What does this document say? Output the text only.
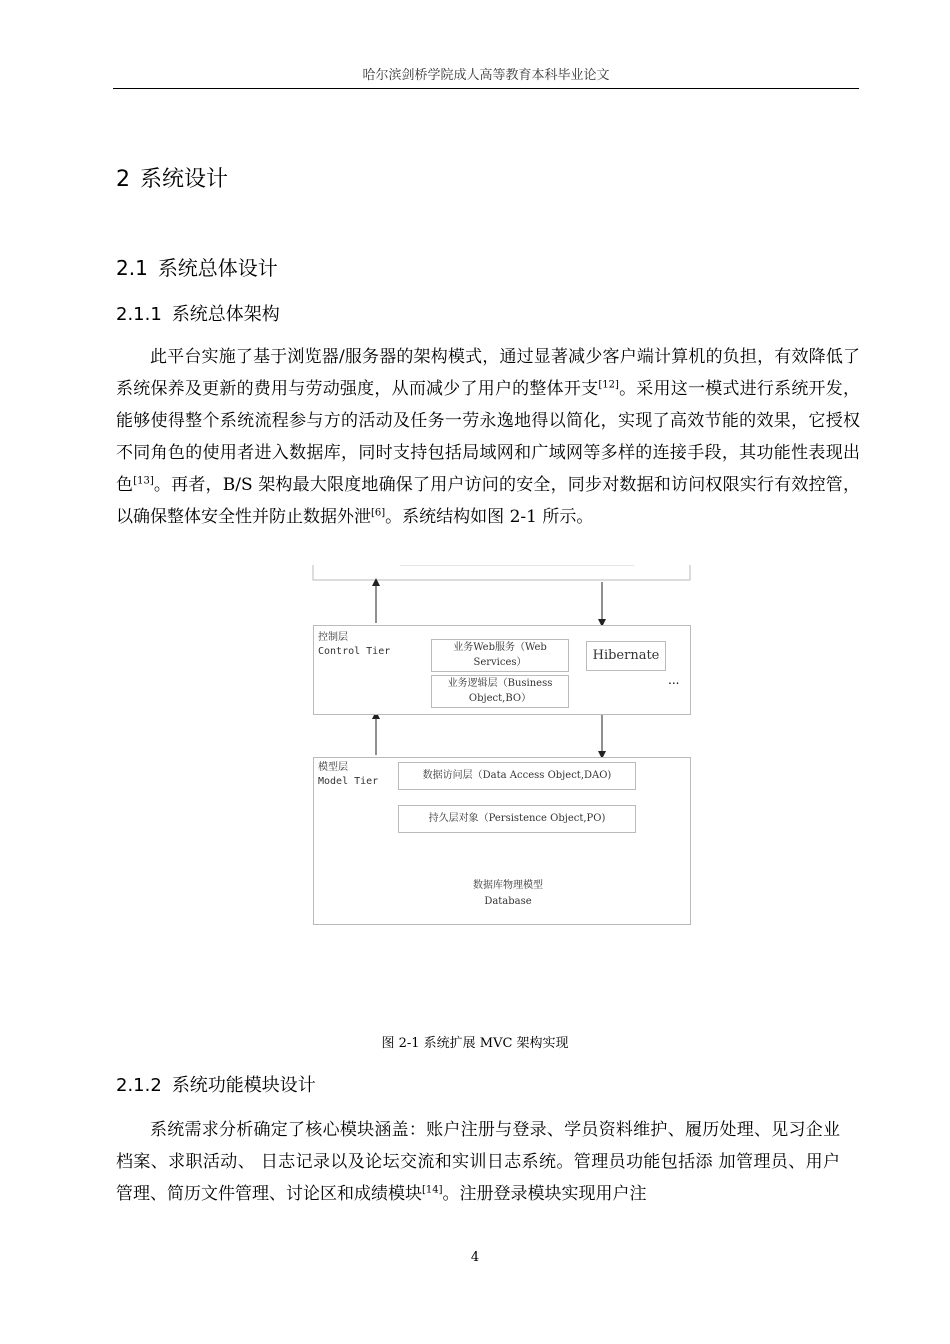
哈尔滨剑桥学院成人高等教育本科毕业论文
2 系统设计
2.1 系统总体设计
2.1.1 系统总体架构
此平台实施了基于浏览器/服务器的架构模式，通过显著减少客户端计算机的负担，有效降低了系统保养及更新的费用与劳动强度，从而减少了用户的整体开支[12]。采用这一模式进行系统开发，能够使得整个系统流程参与方的活动及任务一劳永逸地得以简化，实现了高效节能的效果，它授权不同角色的使用者进入数据库，同时支持包括局域网和广域网等多样的连接手段，其功能性表现出色[13]。再者，B/S 架构最大限度地确保了用户访问的安全，同步对数据和访问权限实行有效控管，以确保整体安全性并防止数据外泄[6]。系统结构如图 2-1 所示。
控制层
Control Tier	业务Web服务（Web Services）
业务逻辑层（Business Object,BO）
Hibernate
...
模型层
Model Tier
数据访问层（Data Access Object,DAO)
持久层对象（Persistence Object,PO)
数据库物理模型
Database
图 2-1 系统扩展 MVC 架构实现
2.1.2 系统功能模块设计
系统需求分析确定了核心模块涵盖：账户注册与登录、学员资料维护、履历处理、见习企业档案、求职活动、 日志记录以及论坛交流和实训日志系统。管理员功能包括添 加管理员、用户管理、简历文件管理、讨论区和成绩模块[14]。注册登录模块实现用户注
4
